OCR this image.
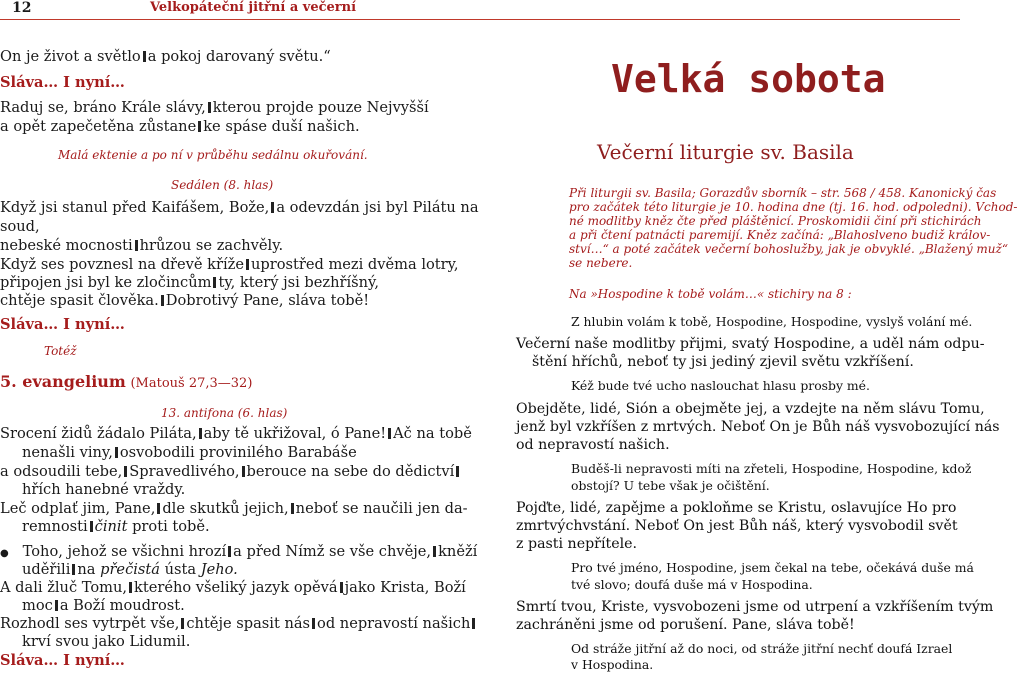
12	Velkopáteční jitřní a večerní
On je život a světlo a pokoj darovaný světu.“
Sláva… I nyní…
Raduj se, bráno Krále slávy, kterou projde pouze Nejvyšší
a opět zapečetěna zůstane ke spáse duší našich.
Malá ektenie a po ní v průběhu sedálnu okuřování.
Sedálen (8. hlas)
Když jsi stanul před Kaifášem, Bože, a odevzdán jsi byl Pilátu na
soud,
nebeské mocnosti hrůzou se zachvěly.
Když ses povznesl na dřevě kříže uprostřed mezi dvěma lotry,
připojen jsi byl ke zločincům ty, který jsi bezhříšný,
chtěje spasit člověka. Dobrotivý Pane, sláva tobě!
Sláva… I nyní…
Totéž
5. evangelium (Matouš 27,3—32)
13. antifona (6. hlas)
Srocení židů žádalo Piláta, aby tě ukřižoval, ó Pane! Ač na tobě
nenašli viny, osvobodili provinilého Barabáše
a odsoudili tebe, Spravedlivého, berouce na sebe do dědictví
hřích hanebné vraždy.
Leč odplať jim, Pane, dle skutků jejich, neboť se naučili jen da-
remnosti činit proti tobě.
● Toho, jehož se všichni hrozí a před Nímž se vše chvěje, kněží
uděřili na přečistá ústa Jeho.
A dali žluč Tomu, kterého všeliký jazyk opěvá jako Krista, Boží
moc a Boží moudrost.
Rozhodl ses vytrpět vše, chtěje spasit nás od nepravostí našich
krví svou jako Lidumil.
Sláva… I nyní…
Velká sobota
Večerní liturgie sv. Basila
Při liturgii sv. Basila; Gorazdův sborník – str. 568 / 458. Kanonický čas
pro začátek této liturgie je 10. hodina dne (tj. 16. hod. odpoledni). Vchod-
né modlitby kněz čte před pláštěnicí. Proskomidii činí při stichirách
a při čtení patnácti paremijí. Kněz začíná: „Blahoslveno budiž králov-
ství…“ a poté začátek večerní bohoslužby, jak je obvyklé. „Blažený muž“
se nebere.
Na »Hospodine k tobě volám…« stichiry na 8 :
Z hlubin volám k tobě, Hospodine, Hospodine, vyslyš volání mé.
Večerní naše modlitby přijmi, svatý Hospodine, a uděl nám odpu-
štění hříchů, neboť ty jsi jediný zjevil světu vzkříšení.
Kéž bude tvé ucho naslouchat hlasu prosby mé.
Obejděte, lidé, Sión a obejměte jej, a vzdejte na něm slávu Tomu,
jenž byl vzkříšen z mrtvých. Neboť On je Bůh náš vysvobozující nás
od nepravostí našich.
Buděš-li nepravosti míti na zřeteli, Hospodine, Hospodine, kdož
obstojí? U tebe však je očištění.
Pojďte, lidé, zapějme a pokloňme se Kristu, oslavujíce Ho pro
zmrtvýchvstání. Neboť On jest Bůh náš, který vysvobodil svět
z pasti nepřítele.
Pro tvé jméno, Hospodine, jsem čekal na tebe, očekává duše má
tvé slovo; doufá duše má v Hospodina.
Smrtí tvou, Kriste, vysvobozeni jsme od utrpení a vzkříšením tvým
zachráněni jsme od porušení. Pane, sláva tobě!
Od stráže jitřní až do noci, od stráže jitřní nechť doufá Izrael
v Hospodina.
